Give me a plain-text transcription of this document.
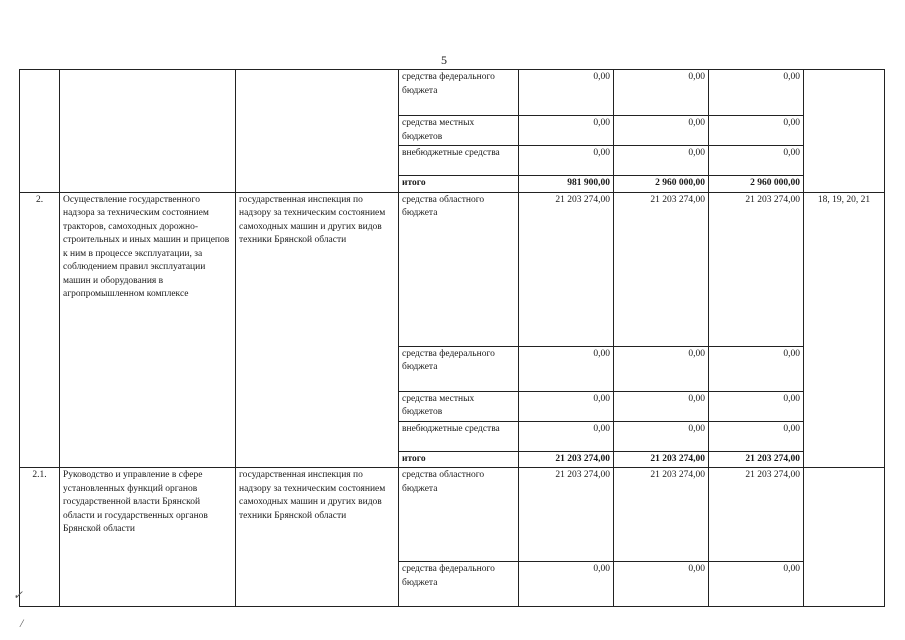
5
			средства федерального бюджета	0,00	0,00	0,00	
			средства местных бюджетов	0,00	0,00	0,00	
			внебюджетные средства	0,00	0,00	0,00	
			итого	981 900,00	2 960 000,00	2 960 000,00	
2.	Осуществление государственного надзора за техническим состоянием тракторов, самоходных дорожно-строительных и иных машин и прицепов к ним в процессе эксплуатации, за соблюдением правил эксплуатации машин и оборудования в агропромышленном комплексе	государственная инспекция по надзору за техническим состоянием самоходных машин и других видов техники Брянской области	средства областного бюджета	21 203 274,00	21 203 274,00	21 203 274,00	18, 19, 20, 21
			средства федерального бюджета	0,00	0,00	0,00	
			средства местных бюджетов	0,00	0,00	0,00	
			внебюджетные средства	0,00	0,00	0,00	
			итого	21 203 274,00	21 203 274,00	21 203 274,00	
2.1.	Руководство и управление в сфере установленных функций органов государственной власти Брянской области и государственных органов Брянской области	государственная инспекция по надзору за техническим состоянием самоходных машин и других видов техники Брянской области	средства областного бюджета	21 203 274,00	21 203 274,00	21 203 274,00	
			средства федерального бюджета	0,00	0,00	0,00	
✓
/
